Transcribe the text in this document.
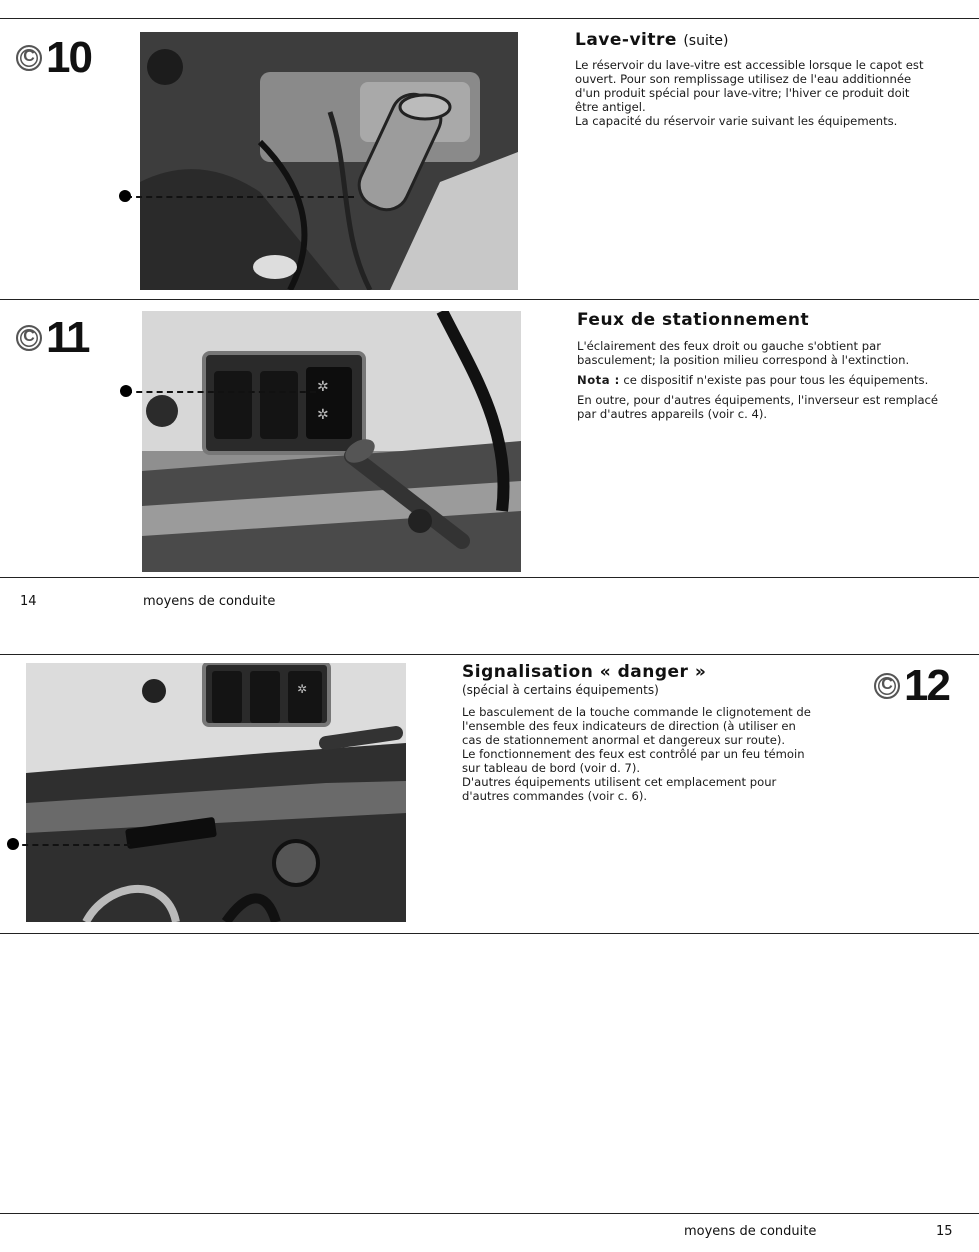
C
10	Lave-vitre (suite)

Le réservoir du lave-vitre est accessible lorsque le capot est ouvert. Pour son remplissage utilisez de l'eau additionnée d'un produit spécial pour lave-vitre; l'hiver ce produit doit être antigel.

La capacité du réservoir varie suivant les équipements.

C
11
✲
✲
Feux de stationnement

L'éclairement des feux droit ou gauche s'obtient par basculement; la position milieu correspond à l'extinction.

Nota : ce dispositif n'existe pas pour tous les équipements.

En outre, pour d'autres équipements, l'inverseur est remplacé par d'autres appareils (voir c. 4).

14	moyens de conduite
✲
Signalisation « danger »
(spécial à certains équipements)

Le basculement de la touche commande le clignotement de l'ensemble des feux indicateurs de direction (à utiliser en cas de stationnement anormal et dangereux sur route).

Le fonctionnement des feux est contrôlé par un feu témoin sur tableau de bord (voir d. 7).

D'autres équipements utilisent cet emplacement pour d'autres commandes (voir c. 6).

C
12
moyens de conduite	15
